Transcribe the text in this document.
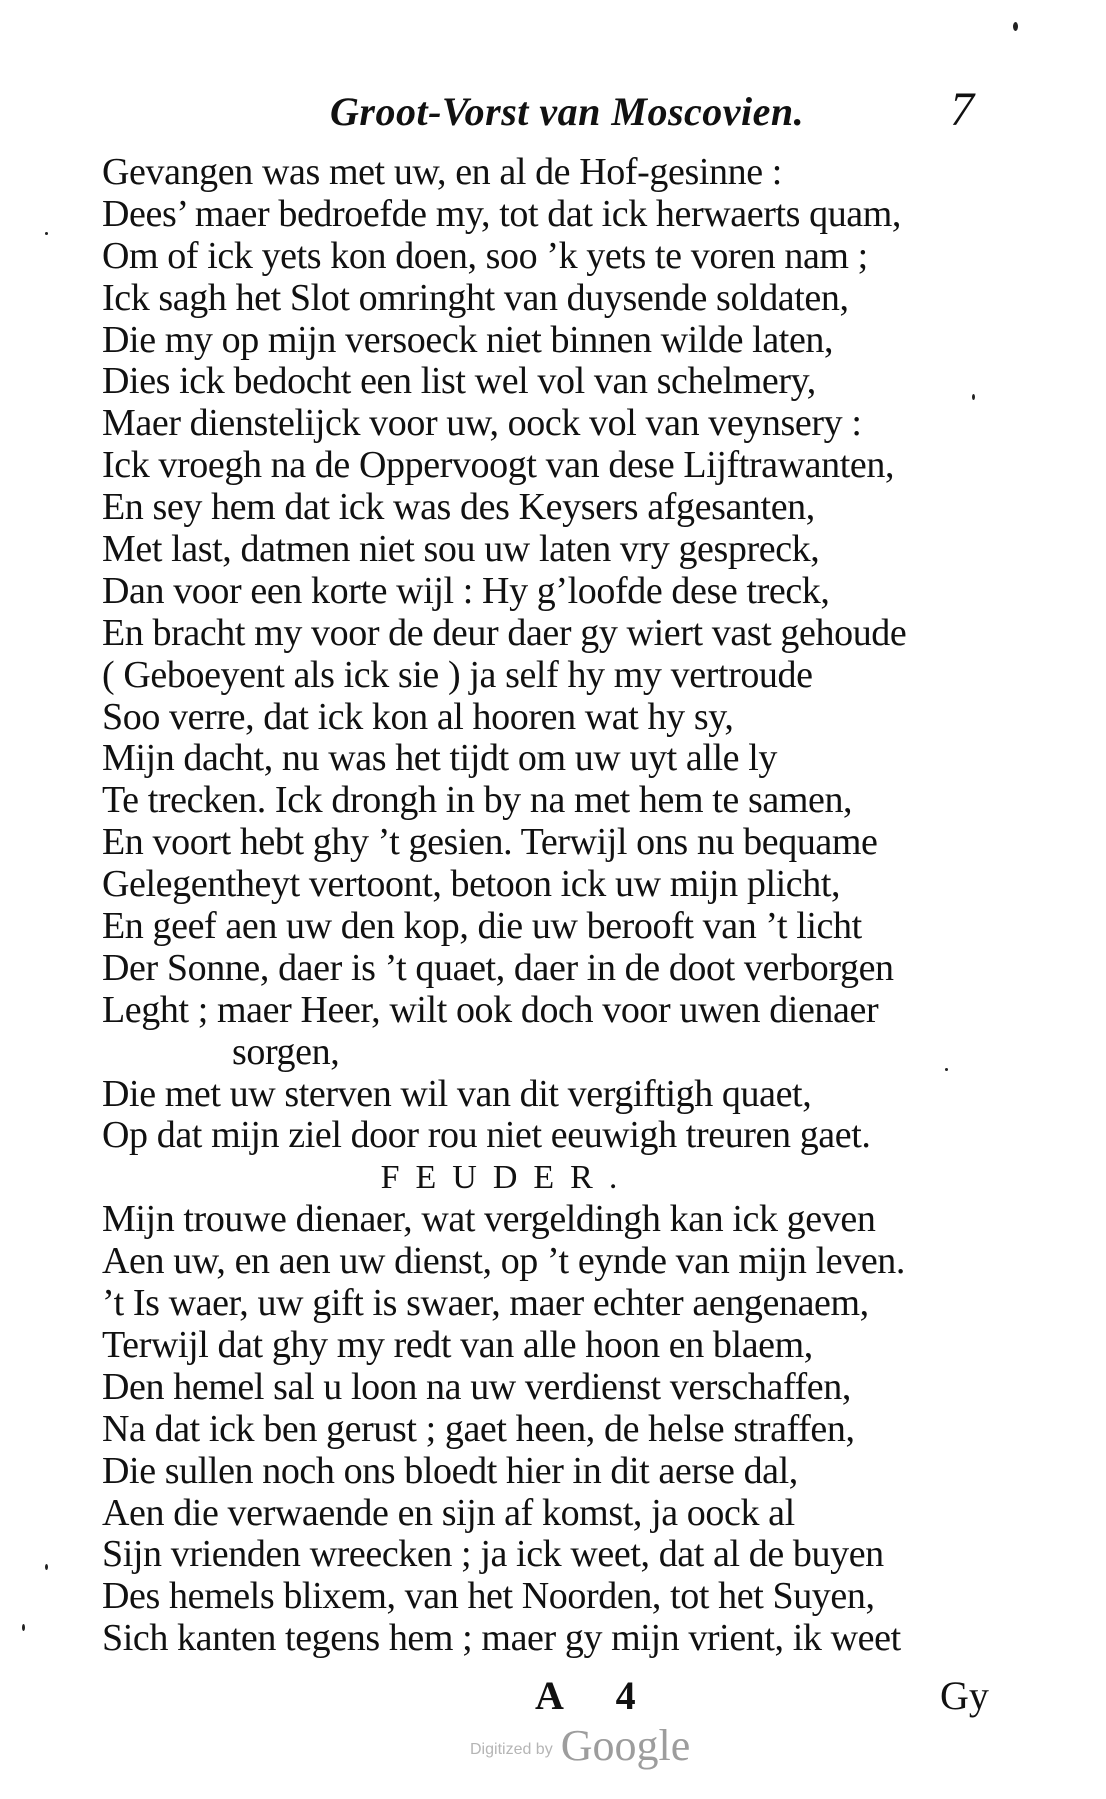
Groot-Vorst van Moscovien.	7
Gevangen was met uw, en al de Hof-gesinne :
Dees’ maer bedroefde my, tot dat ick herwaerts quam,
Om of ick yets kon doen, soo ’k yets te voren nam ;
Ick sagh het Slot omringht van duysende soldaten,
Die my op mijn versoeck niet binnen wilde laten,
Dies ick bedocht een list wel vol van schelmery,
Maer dienstelijck voor uw, oock vol van veynsery :
Ick vroegh na de Oppervoogt van dese Lijftrawanten,
En sey hem dat ick was des Keysers afgesanten,
Met last, datmen niet sou uw laten vry gespreck,
Dan voor een korte wijl : Hy g’loofde dese treck,
En bracht my voor de deur daer gy wiert vast gehoude
( Geboeyent als ick sie ) ja self hy my vertroude
Soo verre, dat ick kon al hooren wat hy sy,
Mijn dacht, nu was het tijdt om uw uyt alle ly
Te trecken. Ick drongh in by na met hem te samen,
En voort hebt ghy ’t gesien. Terwijl ons nu bequame
Gelegentheyt vertoont, betoon ick uw mijn plicht,
En geef aen uw den kop, die uw berooft van ’t licht
Der Sonne, daer is ’t quaet, daer in de doot verborgen
Leght ; maer Heer, wilt ook doch voor uwen dienaer
sorgen,
Die met uw sterven wil van dit vergiftigh quaet,
Op dat mijn ziel door rou niet eeuwigh treuren gaet.
FEUDER.
Mijn trouwe dienaer, wat vergeldingh kan ick geven
Aen uw, en aen uw dienst, op ’t eynde van mijn leven.
’t Is waer, uw gift is swaer, maer echter aengenaem,
Terwijl dat ghy my redt van alle hoon en blaem,
Den hemel sal u loon na uw verdienst verschaffen,
Na dat ick ben gerust ; gaet heen, de helse straffen,
Die sullen noch ons bloedt hier in dit aerse dal,
Aen die verwaende en sijn af komst, ja oock al
Sijn vrienden wreecken ; ja ick weet, dat al de buyen
Des hemels blixem, van het Noorden, tot het Suyen,
Sich kanten tegens hem ; maer gy mijn vrient, ik weet
A 4	Gy
Digitized by Google
